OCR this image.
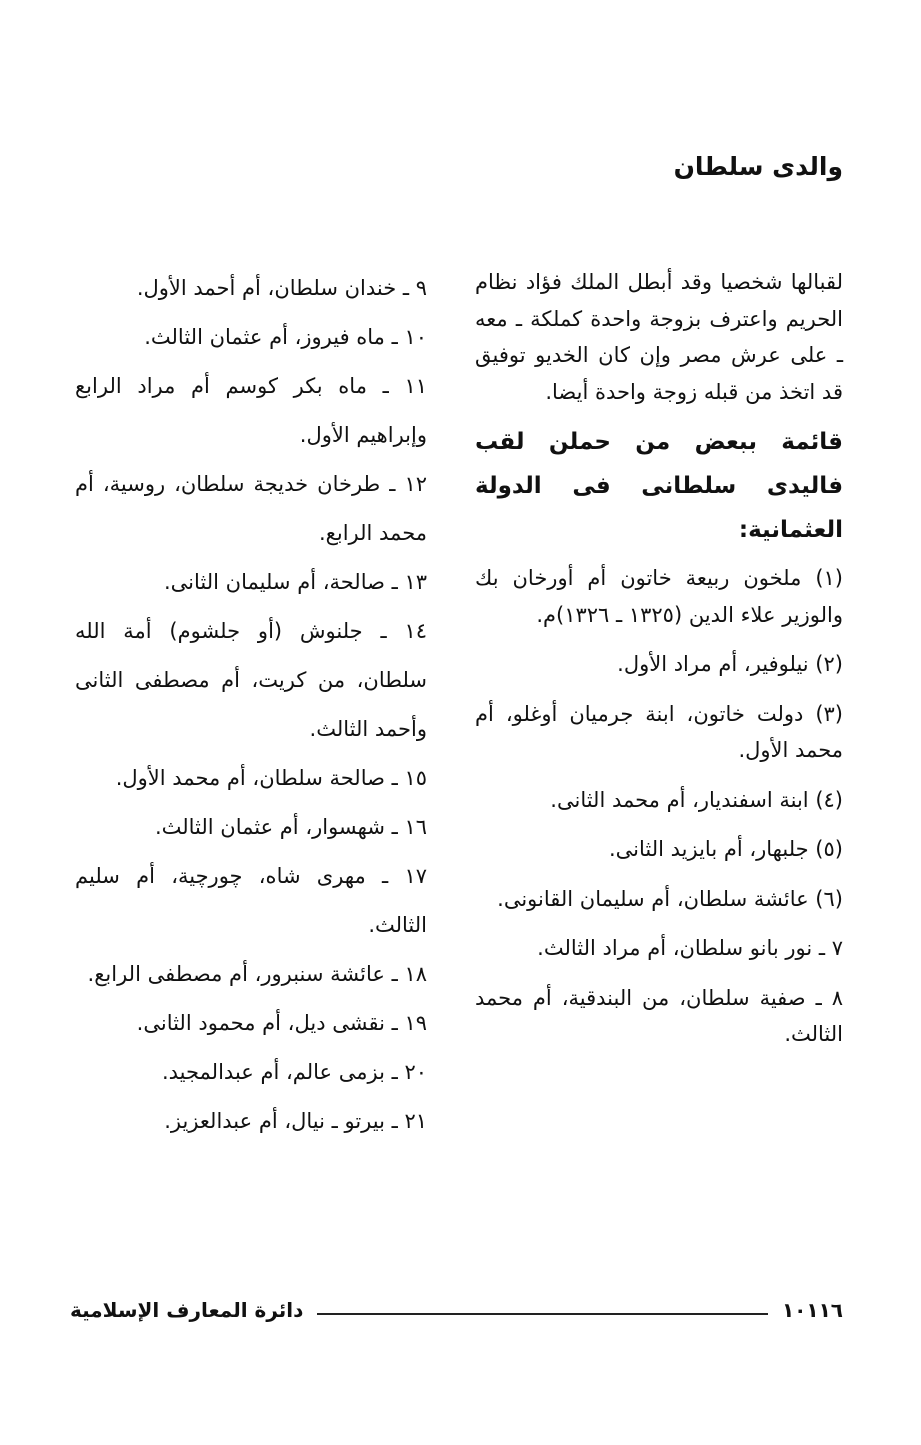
والدى سلطان

لقبالها شخصيا وقد أبطل الملك فؤاد نظام الحريم واعترف بزوجة واحدة كملكة ـ معه ـ على عرش مصر وإن كان الخديو توفيق قد اتخذ من قبله زوجة واحدة أيضا.

قائمة ببعض من حملن لقب فاليدى سلطانى فى الدولة العثمانية:

(١) ملخون ربيعة خاتون أم أورخان بك والوزير علاء الدين (١٣٢٥ ـ ١٣٢٦)م.

(٢) نيلوفير، أم مراد الأول.

(٣) دولت خاتون، ابنة جرميان أوغلو، أم محمد الأول.

(٤) ابنة اسفنديار، أم محمد الثانى.

(٥) جلبهار، أم بايزيد الثانى.

(٦) عائشة سلطان، أم سليمان القانونى.

٧ ـ نور بانو سلطان، أم مراد الثالث.

٨ ـ صفية سلطان، من البندقية، أم محمد الثالث.

٩ ـ خندان سلطان، أم أحمد الأول.

١٠ ـ ماه فيروز، أم عثمان الثالث.

١١ ـ ماه بكر كوسم أم مراد الرابع وإبراهيم الأول.

١٢ ـ طرخان خديجة سلطان، روسية، أم محمد الرابع.

١٣ ـ صالحة، أم سليمان الثانى.

١٤ ـ جلنوش (أو جلشوم) أمة الله سلطان، من كريت، أم مصطفى الثانى وأحمد الثالث.

١٥ ـ صالحة سلطان، أم محمد الأول.

١٦ ـ شهسوار، أم عثمان الثالث.

١٧ ـ مهرى شاه، چورچية، أم سليم الثالث.

١٨ ـ عائشة سنبرور، أم مصطفى الرابع.

١٩ ـ نقشى ديل، أم محمود الثانى.

٢٠ ـ بزمى عالم، أم عبدالمجيد.

٢١ ـ بيرتو ـ نيال، أم عبدالعزيز.

١٠١١٦
دائرة المعارف الإسلامية
